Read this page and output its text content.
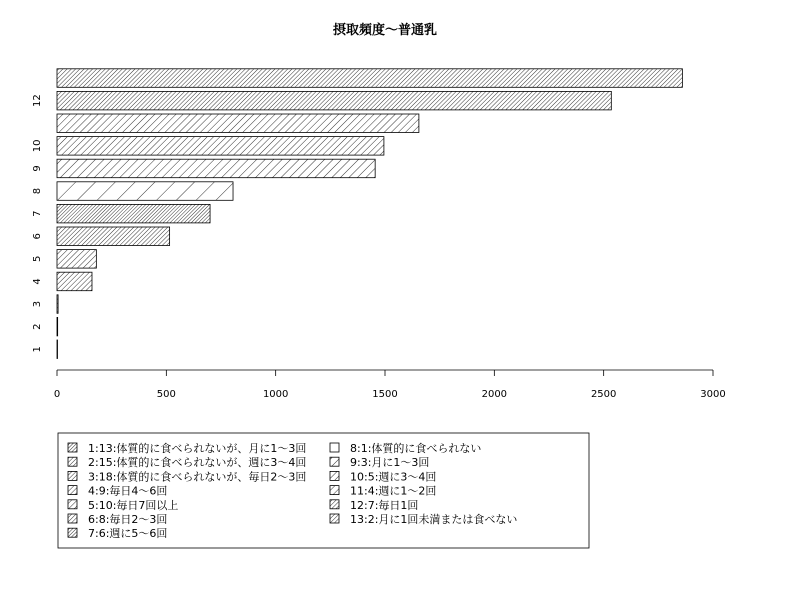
摂取頻度〜普通乳
0	500	1000	1500	2000	2500	3000
1
2
3
4
5
6
7
8
9
10
12
1:13:体質的に食べられないが、月に1〜3回
2:15:体質的に食べられないが、週に3〜4回
3:18:体質的に食べられないが、毎日2〜3回
4:9:毎日4〜6回
5:10:毎日7回以上
6:8:毎日2〜3回
7:6:週に5〜6回
8:1:体質的に食べられない
9:3:月に1〜3回
10:5:週に3〜4回
11:4:週に1〜2回
12:7:毎日1回
13:2:月に1回未満または食べない
